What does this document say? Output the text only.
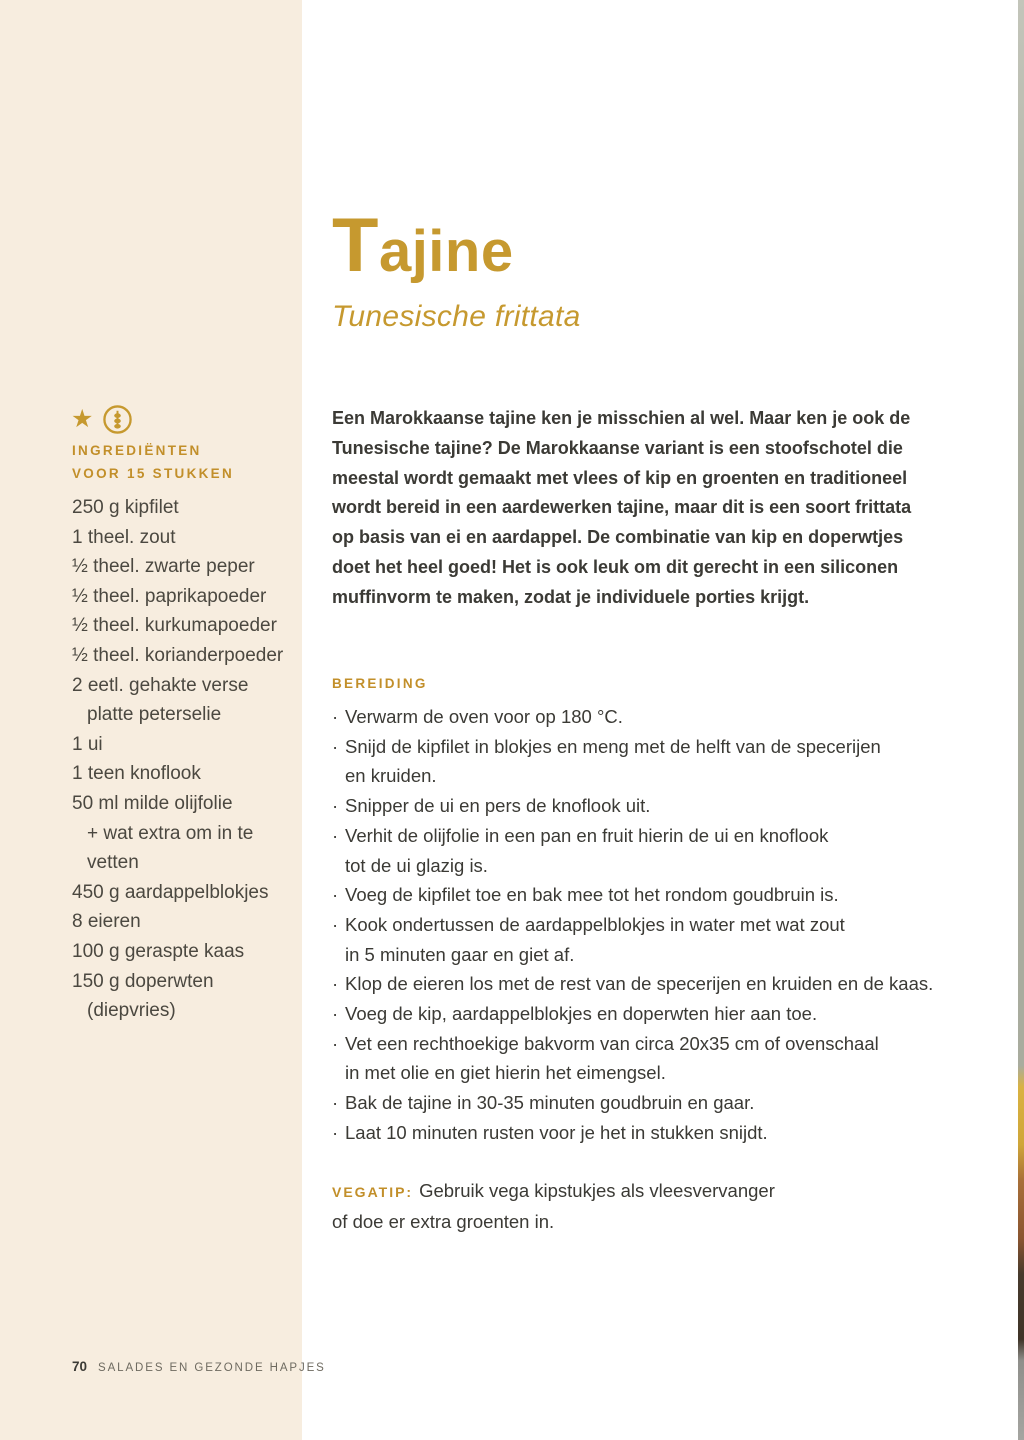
★
INGREDIËNTEN
VOOR 15 STUKKEN
250 g kipfilet
1 theel. zout
½ theel. zwarte peper
½ theel. paprikapoeder
½ theel. kurkumapoeder
½ theel. korianderpoeder
2 eetl. gehakte verse
platte peterselie
1 ui
1 teen knoflook
50 ml milde olijfolie
+ wat extra om in te
vetten
450 g aardappelblokjes
8 eieren
100 g geraspte kaas
150 g doperwten
(diepvries)
Tajine
Tunesische frittata
Een Marokkaanse tajine ken je misschien al wel. Maar ken je ook de
Tunesische tajine? De Marokkaanse variant is een stoofschotel die
meestal wordt gemaakt met vlees of kip en groenten en traditioneel
wordt bereid in een aardewerken tajine, maar dit is een soort frittata
op basis van ei en aardappel. De combinatie van kip en doperwtjes
doet het heel goed! Het is ook leuk om dit gerecht in een siliconen
muffinvorm te maken, zodat je individuele porties krijgt.
BEREIDING
· Verwarm de oven voor op 180 °C.
· Snijd de kipfilet in blokjes en meng met de helft van de specerijen
en kruiden.
· Snipper de ui en pers de knoflook uit.
· Verhit de olijfolie in een pan en fruit hierin de ui en knoflook
tot de ui glazig is.
· Voeg de kipfilet toe en bak mee tot het rondom goudbruin is.
· Kook ondertussen de aardappelblokjes in water met wat zout
in 5 minuten gaar en giet af.
· Klop de eieren los met de rest van de specerijen en kruiden en de kaas.
· Voeg de kip, aardappelblokjes en doperwten hier aan toe.
· Vet een rechthoekige bakvorm van circa 20x35 cm of ovenschaal
in met olie en giet hierin het eimengsel.
· Bak de tajine in 30-35 minuten goudbruin en gaar.
· Laat 10 minuten rusten voor je het in stukken snijdt.
VEGATIP: Gebruik vega kipstukjes als vleesvervanger
of doe er extra groenten in.
70 SALADES EN GEZONDE HAPJES
